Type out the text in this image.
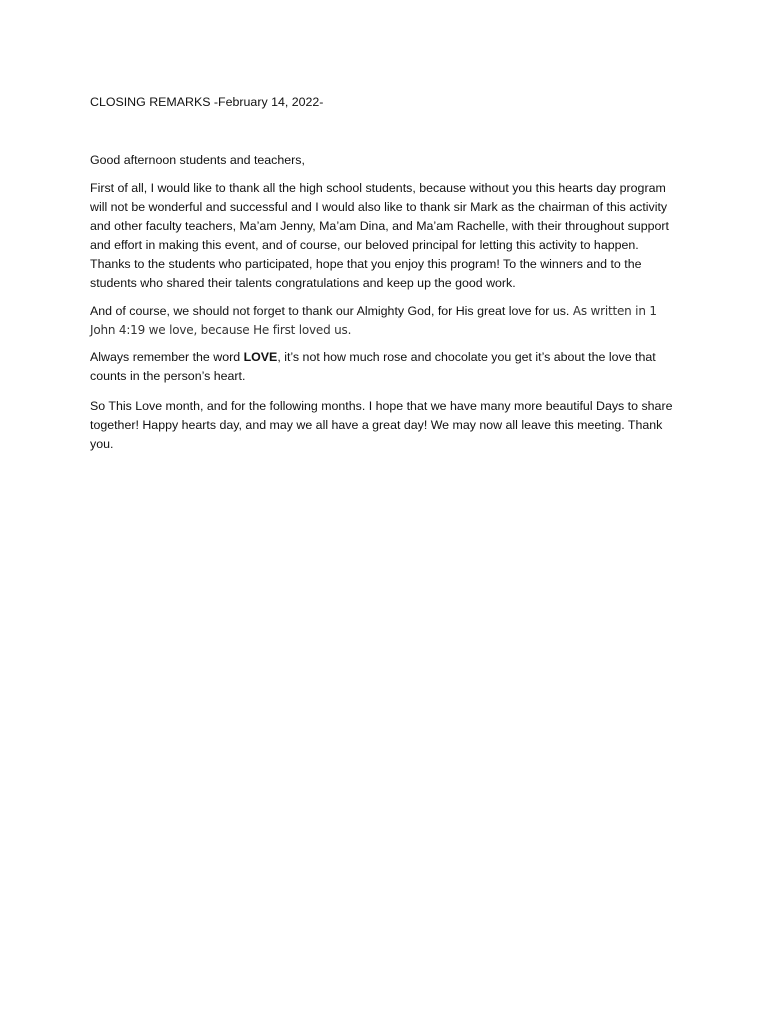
CLOSING REMARKS -February 14, 2022-

Good afternoon students and teachers,

First of all, I would like to thank all the high school students, because without you this hearts day program will not be wonderful and successful and I would also like to thank sir Mark as the chairman of this activity and other faculty teachers, Ma’am Jenny, Ma’am Dina, and Ma’am Rachelle, with their throughout support and effort in making this event, and of course, our beloved principal for letting this activity to happen. Thanks to the students who participated, hope that you enjoy this program! To the winners and to the students who shared their talents congratulations and keep up the good work.

And of course, we should not forget to thank our Almighty God, for His great love for us. As written in 1 John 4:19 we love, because He first loved us.

Always remember the word LOVE, it’s not how much rose and chocolate you get it’s about the love that counts in the person’s heart.

So This Love month, and for the following months. I hope that we have many more beautiful Days to share together! Happy hearts day, and may we all have a great day! We may now all leave this meeting. Thank you.
